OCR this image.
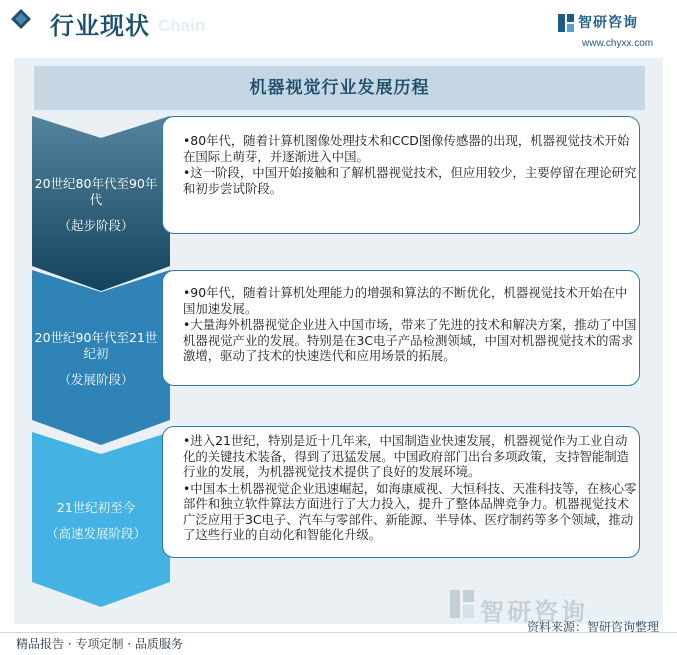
行业现状 Chain	智研咨询
www.chyxx.com
机器视觉行业发展历程
20世纪80年代至90年代
（起步阶段）

•80年代，随着计算机图像处理技术和CCD图像传感器的出现，机器视觉技术开始在国际上萌芽，并逐渐进入中国。

•这一阶段，中国开始接触和了解机器视觉技术，但应用较少，主要停留在理论研究和初步尝试阶段。

20世纪90年代至21世纪初
（发展阶段）

•90年代，随着计算机处理能力的增强和算法的不断优化，机器视觉技术开始在中国加速发展。

•大量海外机器视觉企业进入中国市场，带来了先进的技术和解决方案，推动了中国机器视觉产业的发展。特别是在3C电子产品检测领域，中国对机器视觉技术的需求激增，驱动了技术的快速迭代和应用场景的拓展。

21世纪初至今
（高速发展阶段）

•进入21世纪，特别是近十几年来，中国制造业快速发展，机器视觉作为工业自动化的关键技术装备，得到了迅猛发展。中国政府部门出台多项政策，支持智能制造行业的发展，为机器视觉技术提供了良好的发展环境。

•中国本土机器视觉企业迅速崛起，如海康威视、大恒科技、天准科技等，在核心零部件和独立软件算法方面进行了大力投入，提升了整体品牌竞争力。机器视觉技术广泛应用于3C电子、汽车与零部件、新能源、半导体、医疗制药等多个领域，推动了这些行业的自动化和智能化升级。

智研咨询
资料来源：智研咨询整理
精品报告 · 专项定制 · 品质服务
